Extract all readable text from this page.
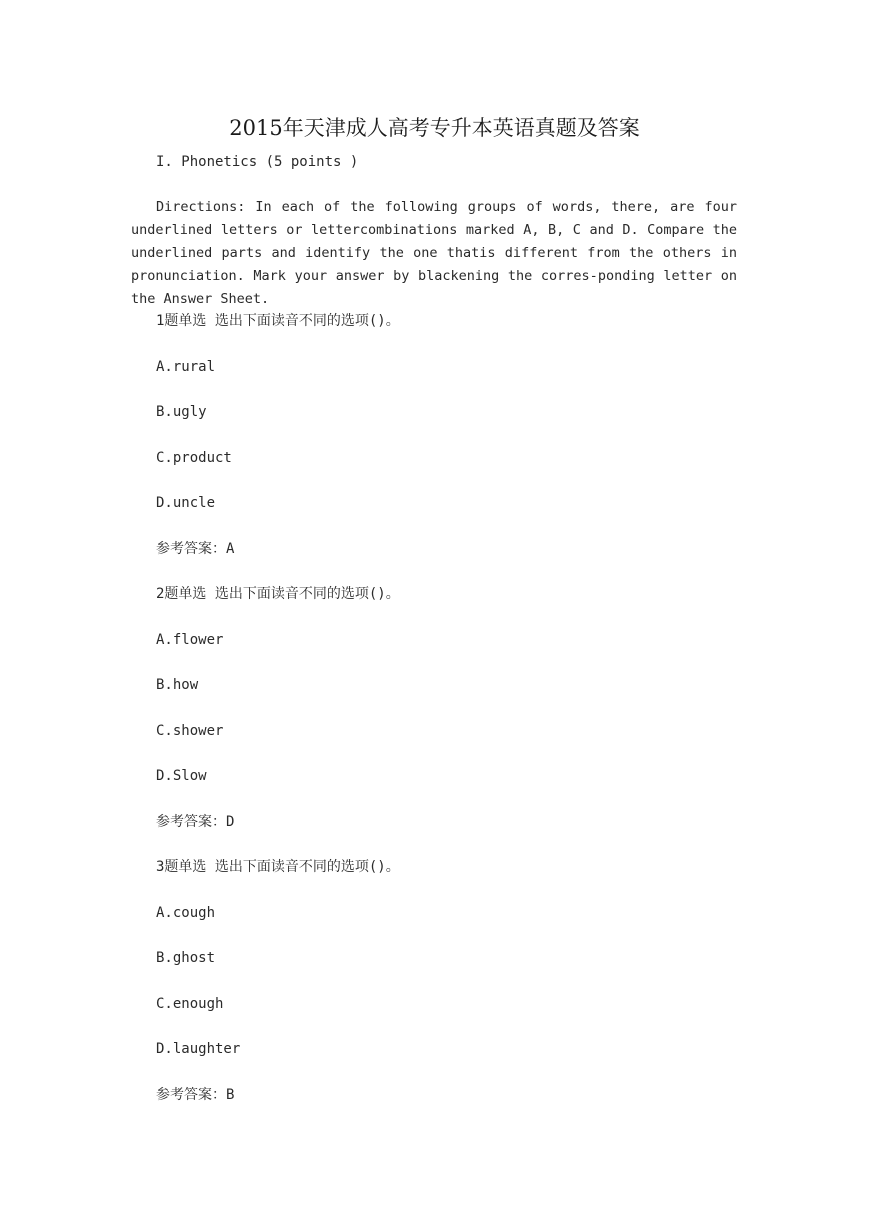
2015年天津成人高考专升本英语真题及答案
I. Phonetics (5 points )
Directions: In each of the following groups of words, there, are four underlined letters or lettercombinations marked A, B, C and D. Compare the underlined parts and identify the one thatis different from the others in pronunciation. Mark your answer by blackening the corres-ponding letter on the Answer Sheet.
1题单选 选出下面读音不同的选项()。
A.rural
B.ugly
C.product
D.uncle
参考答案：A
2题单选 选出下面读音不同的选项()。
A.flower
B.how
C.shower
D.Slow
参考答案：D
3题单选 选出下面读音不同的选项()。
A.cough
B.ghost
C.enough
D.laughter
参考答案：B
